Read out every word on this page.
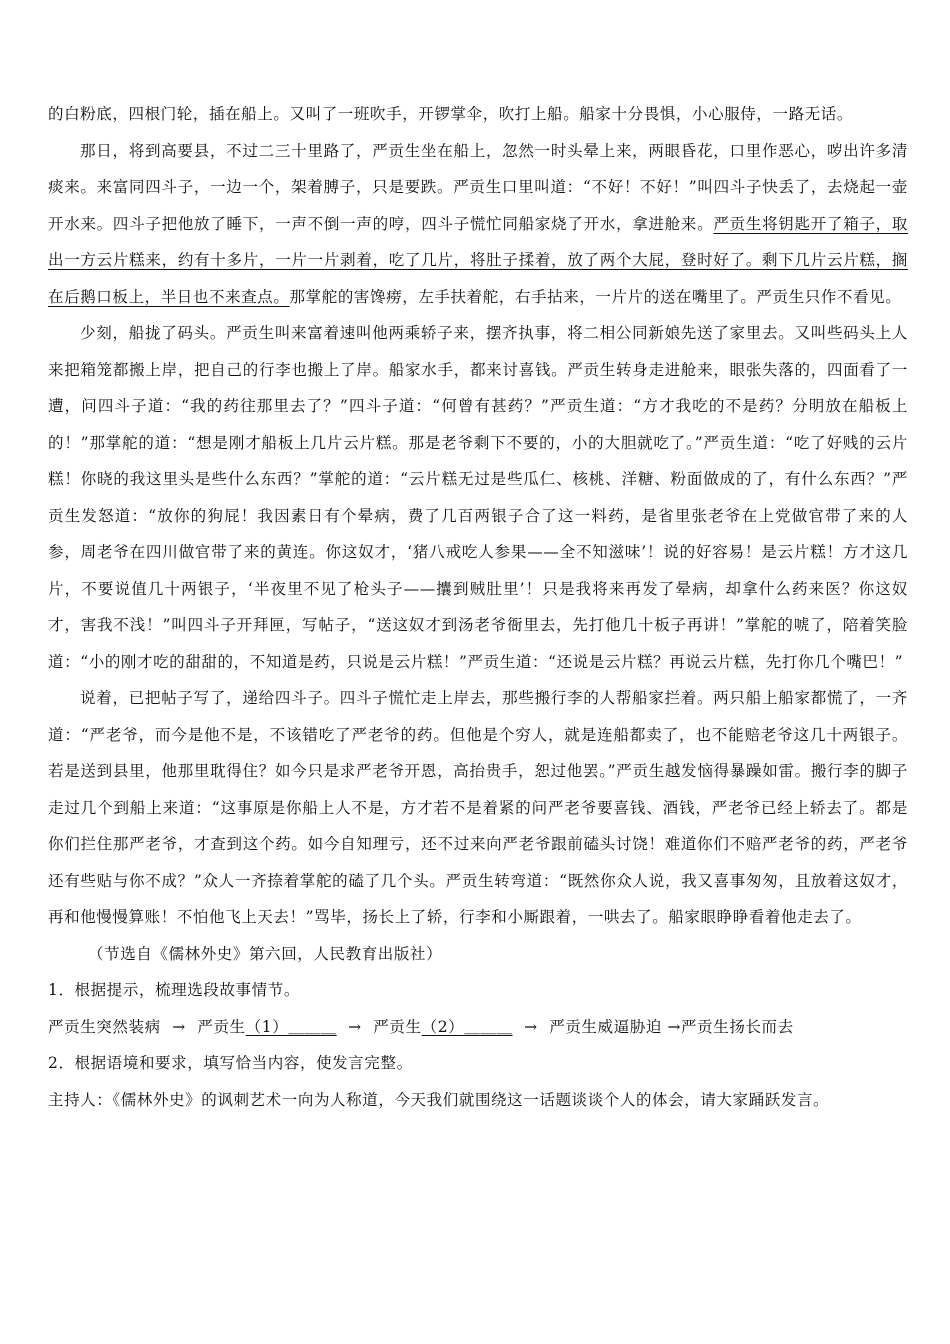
的白粉底，四根门轮，插在船上。又叫了一班吹手，开锣掌伞，吹打上船。船家十分畏惧，小心服侍，一路无话。

那日，将到高要县，不过二三十里路了，严贡生坐在船上，忽然一时头晕上来，两眼昏花，口里作恶心，哕出许多清痰来。来富同四斗子，一边一个，架着膊子，只是要跌。严贡生口里叫道：“不好！不好！”叫四斗子快丢了，去烧起一壶开水来。四斗子把他放了睡下，一声不倒一声的哼，四斗子慌忙同船家烧了开水，拿进舱来。严贡生将钥匙开了箱子，取出一方云片糕来，约有十多片，一片一片剥着，吃了几片，将肚子揉着，放了两个大屁，登时好了。剩下几片云片糕，搁在后鹅口板上，半日也不来查点。那掌舵的害馋痨，左手扶着舵，右手拈来，一片片的送在嘴里了。严贡生只作不看见。

少刻，船拢了码头。严贡生叫来富着速叫他两乘轿子来，摆齐执事，将二相公同新娘先送了家里去。又叫些码头上人来把箱笼都搬上岸，把自己的行李也搬上了岸。船家水手，都来讨喜钱。严贡生转身走进舱来，眼张失落的，四面看了一遭，问四斗子道：“我的药往那里去了？”四斗子道：“何曾有甚药？”严贡生道：“方才我吃的不是药？分明放在船板上的！”那掌舵的道：“想是刚才船板上几片云片糕。那是老爷剩下不要的，小的大胆就吃了。”严贡生道：“吃了好贱的云片糕！你晓的我这里头是些什么东西？”掌舵的道：“云片糕无过是些瓜仁、核桃、洋糖、粉面做成的了，有什么东西？”严贡生发怒道：“放你的狗屁！我因素日有个晕病，费了几百两银子合了这一料药，是省里张老爷在上党做官带了来的人参，周老爷在四川做官带了来的黄连。你这奴才，‘猪八戒吃人参果——全不知滋味’！说的好容易！是云片糕！方才这几片，不要说值几十两银子，‘半夜里不见了枪头子——攮到贼肚里’！只是我将来再发了晕病，却拿什么药来医？你这奴才，害我不浅！”叫四斗子开拜匣，写帖子，“送这奴才到汤老爷衙里去，先打他几十板子再讲！”掌舵的唬了，陪着笑脸道：“小的刚才吃的甜甜的，不知道是药，只说是云片糕！”严贡生道：“还说是云片糕？再说云片糕，先打你几个嘴巴！”

说着，已把帖子写了，递给四斗子。四斗子慌忙走上岸去，那些搬行李的人帮船家拦着。两只船上船家都慌了，一齐道：“严老爷，而今是他不是，不该错吃了严老爷的药。但他是个穷人，就是连船都卖了，也不能赔老爷这几十两银子。若是送到县里，他那里耽得住？如今只是求严老爷开恩，高抬贵手，恕过他罢。”严贡生越发恼得暴躁如雷。搬行李的脚子走过几个到船上来道：“这事原是你船上人不是，方才若不是着紧的问严老爷要喜钱、酒钱，严老爷已经上轿去了。都是你们拦住那严老爷，才查到这个药。如今自知理亏，还不过来向严老爷跟前磕头讨饶！难道你们不赔严老爷的药，严老爷还有些贴与你不成？”众人一齐捺着掌舵的磕了几个头。严贡生转弯道：“既然你众人说，我又喜事匆匆，且放着这奴才，再和他慢慢算账！不怕他飞上天去！”骂毕，扬长上了轿，行李和小厮跟着，一哄去了。船家眼睁睁看着他走去了。

（节选自《儒林外史》第六回，人民教育出版社）

1．根据提示，梳理选段故事情节。

严贡生突然装病 → 严贡生（1）＿＿＿ → 严贡生（2）＿＿＿ → 严贡生威逼胁迫 →严贡生扬长而去

2．根据语境和要求，填写恰当内容，使发言完整。

主持人：《儒林外史》的讽刺艺术一向为人称道，今天我们就围绕这一话题谈谈个人的体会，请大家踊跃发言。
